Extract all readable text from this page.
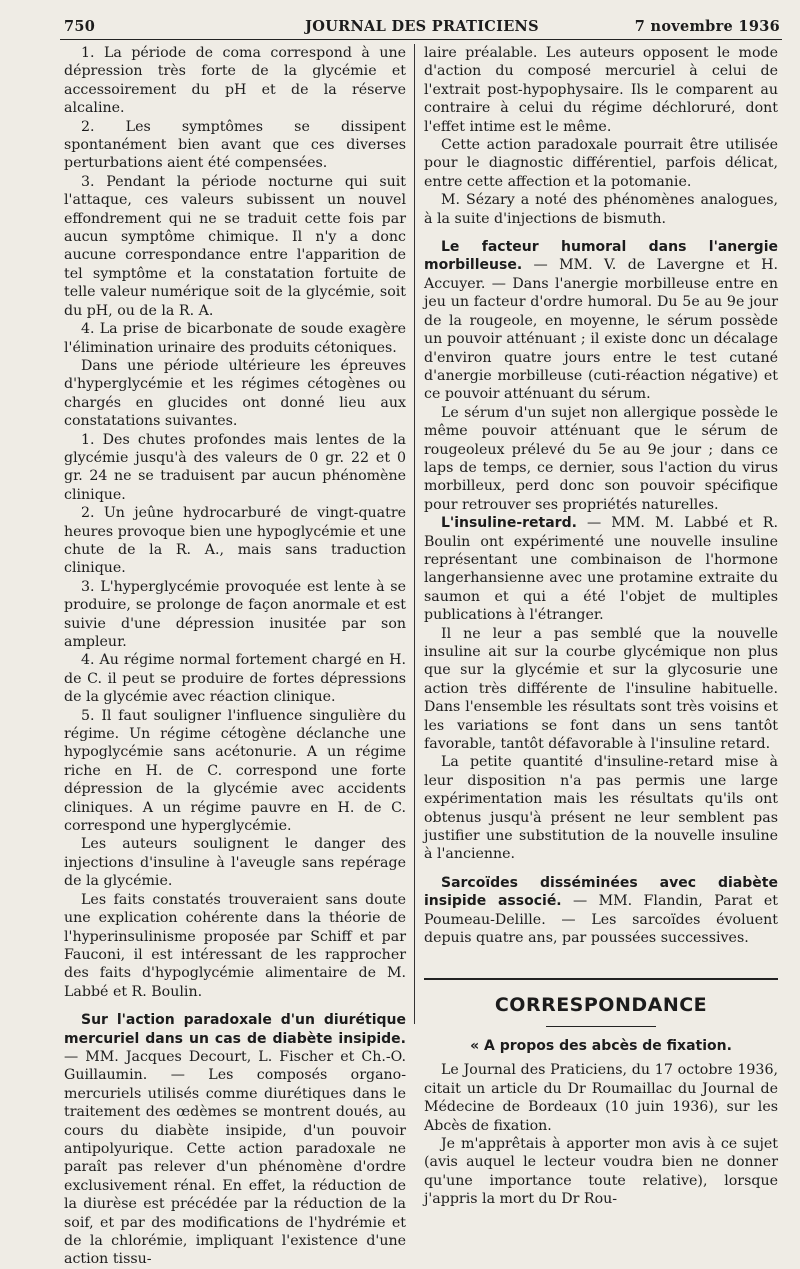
750	JOURNAL DES PRATICIENS	7 novembre 1936

1. La période de coma correspond à une dépression très forte de la glycémie et accessoirement du pH et de la réserve alcaline.

2. Les symptômes se dissipent spontanément bien avant que ces diverses perturbations aient été compensées.

3. Pendant la période nocturne qui suit l'attaque, ces valeurs subissent un nouvel effondrement qui ne se traduit cette fois par aucun symptôme chimique. Il n'y a donc aucune correspondance entre l'apparition de tel symptôme et la constatation fortuite de telle valeur numérique soit de la glycémie, soit du pH, ou de la R. A.

4. La prise de bicarbonate de soude exagère l'élimination urinaire des produits cétoniques.

Dans une période ultérieure les épreuves d'hyperglycémie et les régimes cétogènes ou chargés en glucides ont donné lieu aux constatations suivantes.

1. Des chutes profondes mais lentes de la glycémie jusqu'à des valeurs de 0 gr. 22 et 0 gr. 24 ne se traduisent par aucun phénomène clinique.

2. Un jeûne hydrocarburé de vingt-quatre heures provoque bien une hypoglycémie et une chute de la R. A., mais sans traduction clinique.

3. L'hyperglycémie provoquée est lente à se produire, se prolonge de façon anormale et est suivie d'une dépression inusitée par son ampleur.

4. Au régime normal fortement chargé en H. de C. il peut se produire de fortes dépressions de la glycémie avec réaction clinique.

5. Il faut souligner l'influence singulière du régime. Un régime cétogène déclanche une hypoglycémie sans acétonurie. A un régime riche en H. de C. correspond une forte dépression de la glycémie avec accidents cliniques. A un régime pauvre en H. de C. correspond une hyperglycémie.

Les auteurs soulignent le danger des injections d'insuline à l'aveugle sans repérage de la glycémie.

Les faits constatés trouveraient sans doute une explication cohérente dans la théorie de l'hyperinsulinisme proposée par Schiff et par Fauconi, il est intéressant de les rapprocher des faits d'hypoglycémie alimentaire de M. Labbé et R. Boulin.

Sur l'action paradoxale d'un diurétique mercuriel dans un cas de diabète insipide. — MM. Jacques Decourt, L. Fischer et Ch.-O. Guillaumin. — Les composés organo-mercuriels utilisés comme diurétiques dans le traitement des œdèmes se montrent doués, au cours du diabète insipide, d'un pouvoir antipolyurique. Cette action paradoxale ne paraît pas relever d'un phénomène d'ordre exclusivement rénal. En effet, la réduction de la diurèse est précédée par la réduction de la soif, et par des modifications de l'hydrémie et de la chlorémie, impliquant l'existence d'une action tissu-

laire préalable. Les auteurs opposent le mode d'action du composé mercuriel à celui de l'extrait post-hypophysaire. Ils le comparent au contraire à celui du régime déchloruré, dont l'effet intime est le même.

Cette action paradoxale pourrait être utilisée pour le diagnostic différentiel, parfois délicat, entre cette affection et la potomanie.

M. Sézary a noté des phénomènes analogues, à la suite d'injections de bismuth.

Le facteur humoral dans l'anergie morbilleuse. — MM. V. de Lavergne et H. Accuyer. — Dans l'anergie morbilleuse entre en jeu un facteur d'ordre humoral. Du 5e au 9e jour de la rougeole, en moyenne, le sérum possède un pouvoir atténuant ; il existe donc un décalage d'environ quatre jours entre le test cutané d'anergie morbilleuse (cuti-réaction négative) et ce pouvoir atténuant du sérum.

Le sérum d'un sujet non allergique possède le même pouvoir atténuant que le sérum de rougeoleux prélevé du 5e au 9e jour ; dans ce laps de temps, ce dernier, sous l'action du virus morbilleux, perd donc son pouvoir spécifique pour retrouver ses propriétés naturelles.

L'insuline-retard. — MM. M. Labbé et R. Boulin ont expérimenté une nouvelle insuline représentant une combinaison de l'hormone langerhansienne avec une protamine extraite du saumon et qui a été l'objet de multiples publications à l'étranger.

Il ne leur a pas semblé que la nouvelle insuline ait sur la courbe glycémique non plus que sur la glycémie et sur la glycosurie une action très différente de l'insuline habituelle. Dans l'ensemble les résultats sont très voisins et les variations se font dans un sens tantôt favorable, tantôt défavorable à l'insuline retard.

La petite quantité d'insuline-retard mise à leur disposition n'a pas permis une large expérimentation mais les résultats qu'ils ont obtenus jusqu'à présent ne leur semblent pas justifier une substitution de la nouvelle insuline à l'ancienne.

Sarcoïdes disséminées avec diabète insipide associé. — MM. Flandin, Parat et Poumeau-Delille. — Les sarcoïdes évoluent depuis quatre ans, par poussées successives.

CORRESPONDANCE
« A propos des abcès de fixation.

Le Journal des Praticiens, du 17 octobre 1936, citait un article du Dr Roumaillac du Journal de Médecine de Bordeaux (10 juin 1936), sur les Abcès de fixation.

Je m'apprêtais à apporter mon avis à ce sujet (avis auquel le lecteur voudra bien ne donner qu'une importance toute relative), lorsque j'appris la mort du Dr Rou-
